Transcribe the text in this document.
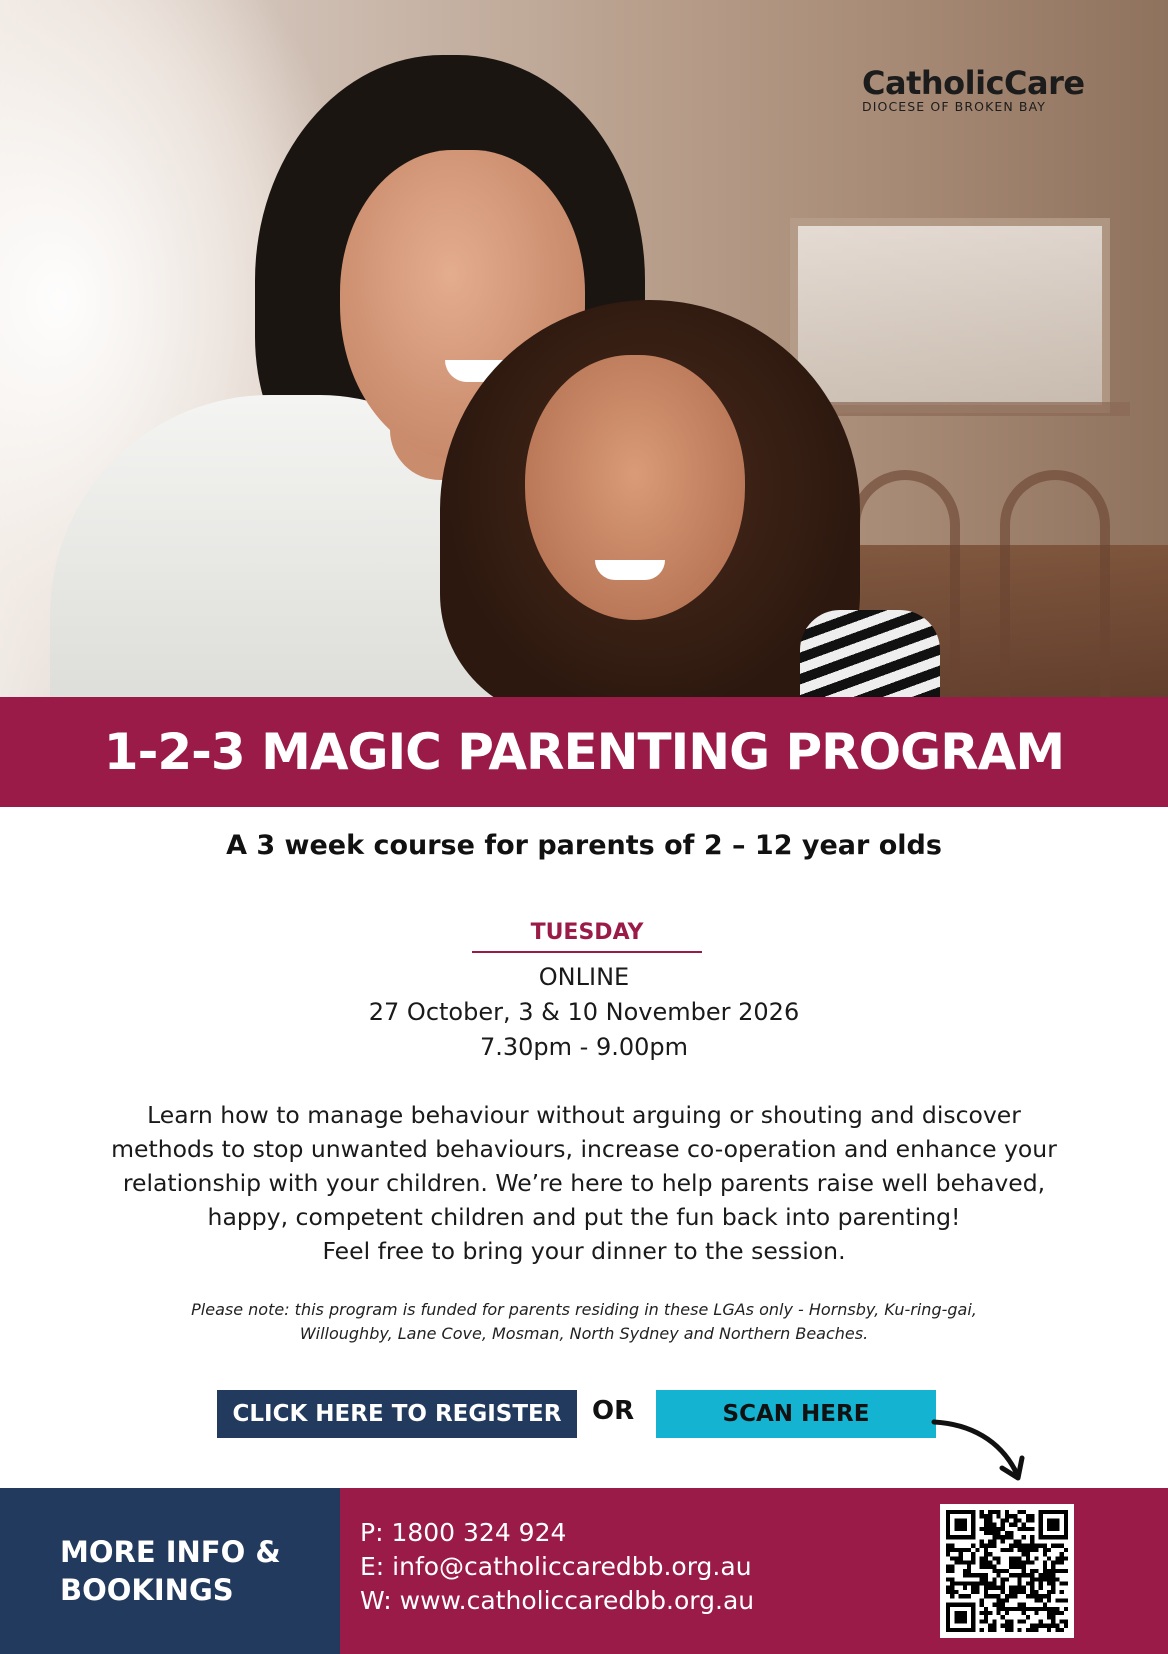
CatholicCare
DIOCESE OF BROKEN BAY
1-2-3 MAGIC PARENTING PROGRAM
A 3 week course for parents of 2 – 12 year olds
TUESDAY
ONLINE
27 October, 3 & 10 November 2026
7.30pm - 9.00pm

Learn how to manage behaviour without arguing or shouting and discover

methods to stop unwanted behaviours, increase co-operation and enhance your

relationship with your children. We’re here to help parents raise well behaved,

happy, competent children and put the fun back into parenting!

Feel free to bring your dinner to the session.

Please note: this program is funded for parents residing in these LGAs only - Hornsby, Ku-ring-gai,
Willoughby, Lane Cove, Mosman, North Sydney and Northern Beaches.
CLICK HERE TO REGISTER	OR	SCAN HERE
MORE INFO &
BOOKINGS
P: 1800 324 924
E: info@catholiccaredbb.org.au
W: www.catholiccaredbb.org.au
